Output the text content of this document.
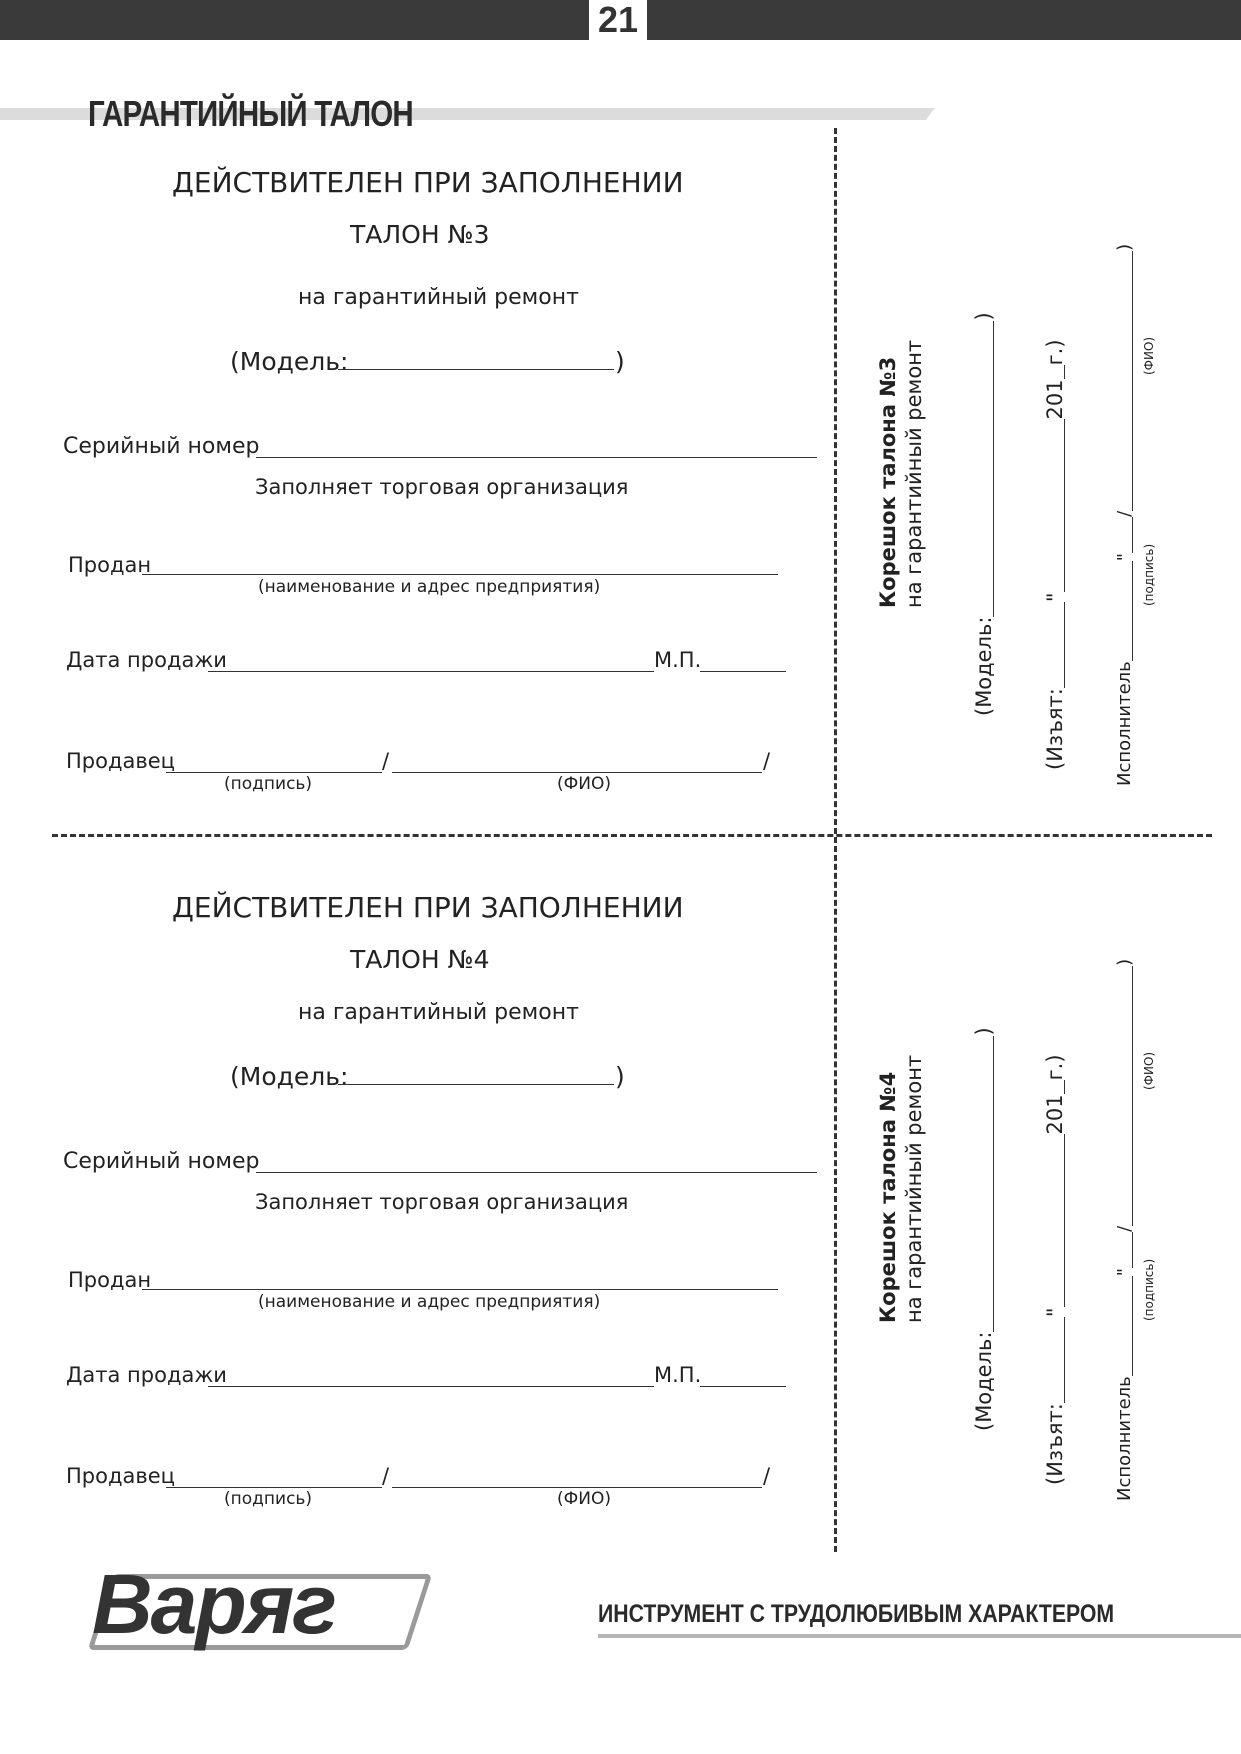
21
ГАРАНТИЙНЫЙ ТАЛОН
ДЕЙСТВИТЕЛЕН ПРИ ЗАПОЛНЕНИИ
ТАЛОН №3
на гарантийный ремонт
(Модель:	)
Серийный номер
Заполняет торговая организация
Продан
(наименование и адрес предприятия)
Дата продажи	М.П.
Продавец	/	/
(подпись)	(ФИО)
Корешок талона №3 на гарантийный ремонт
(Модель:
)
(Изъят:
"
201
г.)
Исполнитель
"
/
)
(подпись)
(ФИО)
ДЕЙСТВИТЕЛЕН ПРИ ЗАПОЛНЕНИИ
ТАЛОН №4
на гарантийный ремонт
(Модель:	)
Серийный номер
Заполняет торговая организация
Продан
(наименование и адрес предприятия)
Дата продажи	М.П.
Продавец	/	/
(подпись)	(ФИО)
Корешок талона №4 на гарантийный ремонт
(Модель:
)
(Изъят:
"
201
г.)
Исполнитель
"
/
)
(подпись)
(ФИО)
Варяг	ИНСТРУМЕНТ С ТРУДОЛЮБИВЫМ ХАРАКТЕРОМ
